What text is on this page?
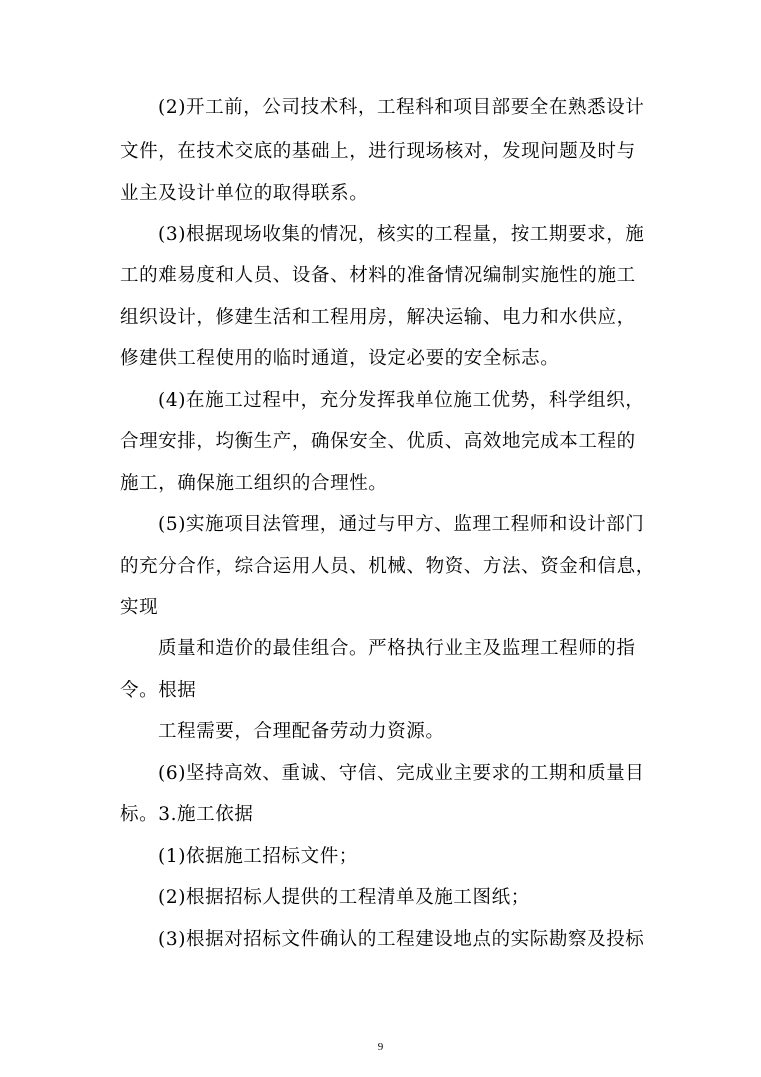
(2)开工前，公司技术科，工程科和项目部要全在熟悉设计
文件，在技术交底的基础上，进行现场核对，发现问题及时与
业主及设计单位的取得联系。
(3)根据现场收集的情况，核实的工程量，按工期要求，施
工的难易度和人员、设备、材料的准备情况编制实施性的施工
组织设计，修建生活和工程用房，解决运输、电力和水供应，
修建供工程使用的临时通道，设定必要的安全标志。
(4)在施工过程中，充分发挥我单位施工优势，科学组织，
合理安排，均衡生产，确保安全、优质、高效地完成本工程的
施工，确保施工组织的合理性。
(5)实施项目法管理，通过与甲方、监理工程师和设计部门
的充分合作，综合运用人员、机械、物资、方法、资金和信息，
实现
质量和造价的最佳组合。严格执行业主及监理工程师的指
令。根据
工程需要，合理配备劳动力资源。
(6)坚持高效、重诚、守信、完成业主要求的工期和质量目
标。3.施工依据
(1)依据施工招标文件；
(2)根据招标人提供的工程清单及施工图纸；
(3)根据对招标文件确认的工程建设地点的实际勘察及投标
9
